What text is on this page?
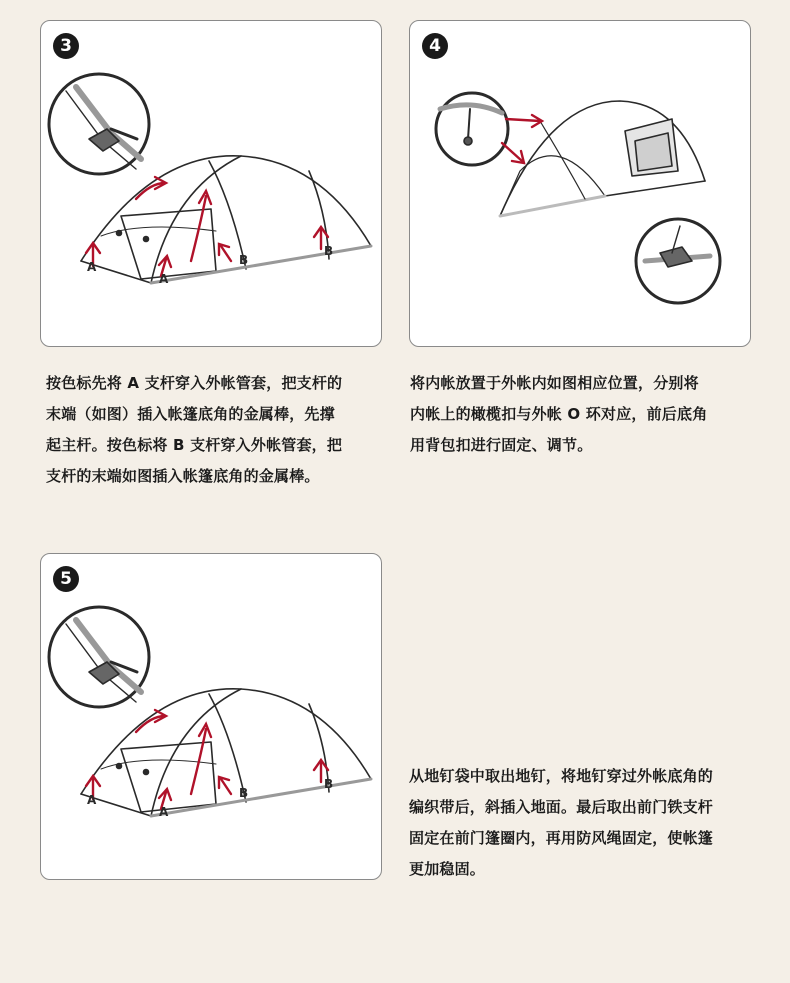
3
A
A
B
B
4
5
A
A
B
B
按色标先将 A 支杆穿入外帐管套，把支杆的
末端（如图）插入帐篷底角的金属棒，先撑
起主杆。按色标将 B 支杆穿入外帐管套，把
支杆的末端如图插入帐篷底角的金属棒。
将内帐放置于外帐内如图相应位置，分别将
内帐上的橄榄扣与外帐 O 环对应，前后底角
用背包扣进行固定、调节。
从地钉袋中取出地钉，将地钉穿过外帐底角的
编织带后，斜插入地面。最后取出前门铁支杆
固定在前门篷圈内，再用防风绳固定，使帐篷
更加稳固。
